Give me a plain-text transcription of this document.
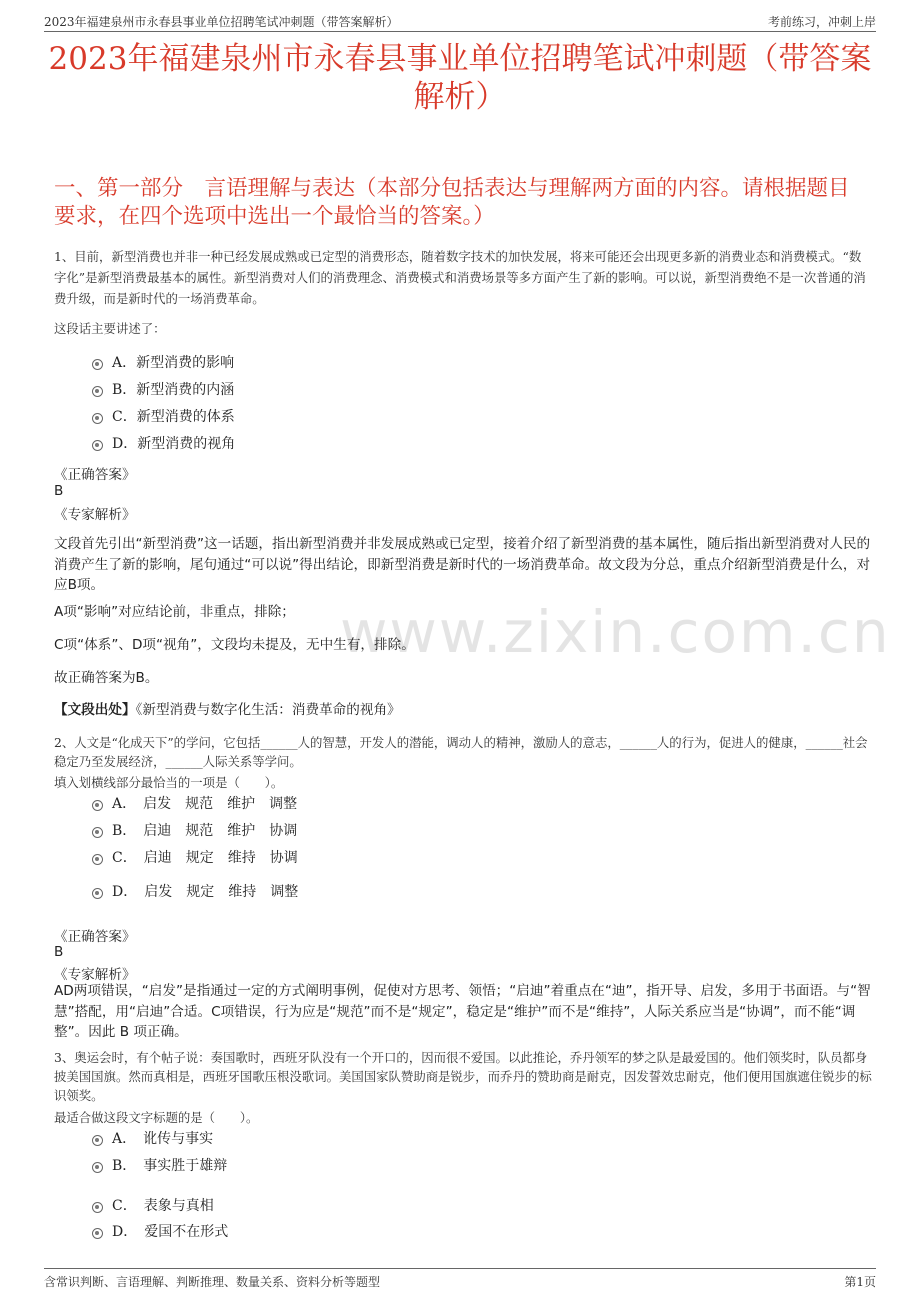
2023年福建泉州市永春县事业单位招聘笔试冲刺题（带答案解析）	考前练习，冲刺上岸
2023年福建泉州市永春县事业单位招聘笔试冲刺题（带答案解析）
一、第一部分　言语理解与表达（本部分包括表达与理解两方面的内容。请根据题目要求，在四个选项中选出一个最恰当的答案。）
www.zixin.com.cn
1、目前，新型消费也并非一种已经发展成熟或已定型的消费形态，随着数字技术的加快发展，将来可能还会出现更多新的消费业态和消费模式。“数字化”是新型消费最基本的属性。新型消费对人们的消费理念、消费模式和消费场景等多方面产生了新的影响。可以说，新型消费绝不是一次普通的消费升级，而是新时代的一场消费革命。
这段话主要讲述了：
A．新型消费的影响
B．新型消费的内涵
C．新型消费的体系
D．新型消费的视角
《正确答案》
B
《专家解析》
文段首先引出“新型消费”这一话题，指出新型消费并非发展成熟或已定型，接着介绍了新型消费的基本属性，随后指出新型消费对人民的消费产生了新的影响，尾句通过“可以说”得出结论，即新型消费是新时代的一场消费革命。故文段为分总，重点介绍新型消费是什么，对应B项。
A项“影响”对应结论前，非重点，排除；
C项“体系”、D项“视角”，文段均未提及，无中生有，排除。
故正确答案为B。
【文段出处】《新型消费与数字化生活：消费革命的视角》
2、人文是“化成天下”的学问，它包括______人的智慧，开发人的潜能，调动人的精神，激励人的意志，______人的行为，促进人的健康，______社会稳定乃至发展经济，______人际关系等学问。
填入划横线部分最恰当的一项是（　　）。
A．　启发　规范　维护　调整
B．　启迪　规范　维护　协调
C．　启迪　规定　维持　协调
D．　启发　规定　维持　调整
《正确答案》
B
《专家解析》
AD两项错误，“启发”是指通过一定的方式阐明事例，促使对方思考、领悟；“启迪”着重点在“迪”，指开导、启发，多用于书面语。与“智慧”搭配，用“启迪”合适。C项错误，行为应是“规范”而不是“规定”，稳定是“维护”而不是“维持”，人际关系应当是“协调”，而不能“调整”。因此 B 项正确。
3、奥运会时，有个帖子说：奏国歌时，西班牙队没有一个开口的，因而很不爱国。以此推论，乔丹领军的梦之队是最爱国的。他们领奖时，队员都身披美国国旗。然而真相是，西班牙国歌压根没歌词。美国国家队赞助商是锐步，而乔丹的赞助商是耐克，因发誓效忠耐克，他们便用国旗遮住锐步的标识领奖。
最适合做这段文字标题的是（　　）。
A．　讹传与事实
B．　事实胜于雄辩
C．　表象与真相
D．　爱国不在形式
含常识判断、言语理解、判断推理、数量关系、资料分析等题型	第1页
